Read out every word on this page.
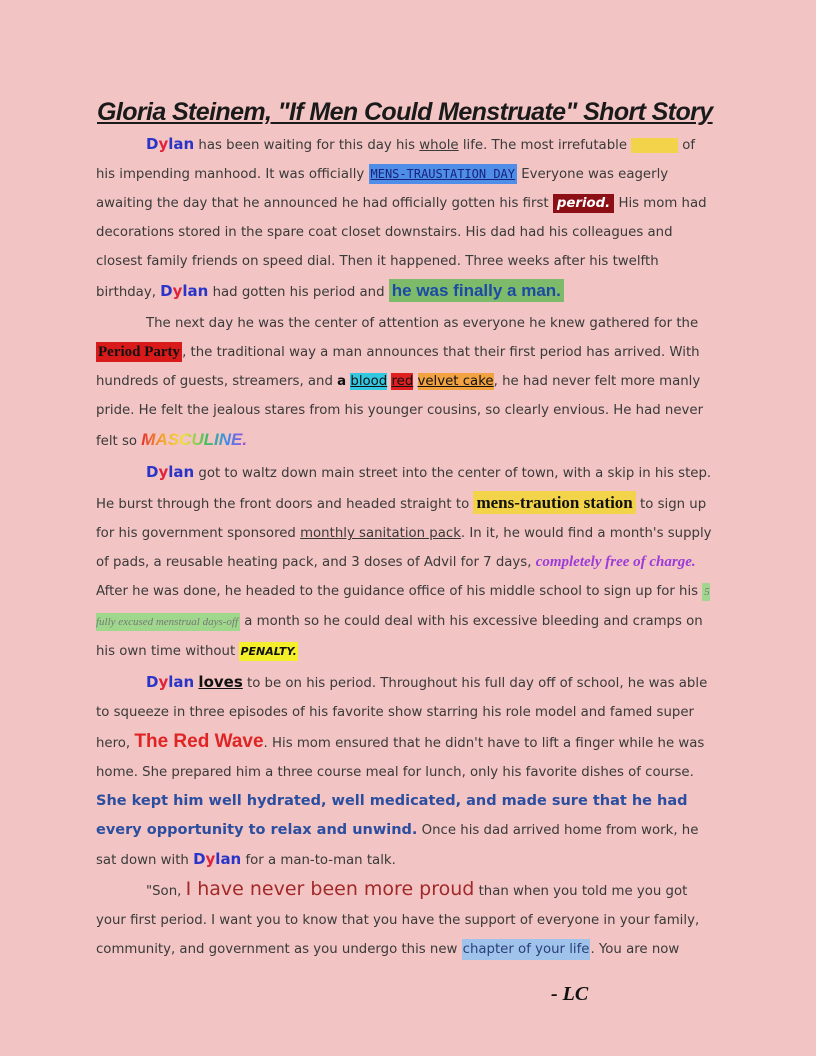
Gloria Steinem, "If Men Could Menstruate" Short Story

Dylan has been waiting for this day his whole life. The most irrefutable season of his impending manhood. It was officially MENS-TRAUSTATION DAY Everyone was eagerly awaiting the day that he announced he had officially gotten his first period. His mom had decorations stored in the spare coat closet downstairs. His dad had his colleagues and closest family friends on speed dial. Then it happened. Three weeks after his twelfth birthday, Dylan had gotten his period and he was finally a man.

The next day he was the center of attention as everyone he knew gathered for the Period Party , the traditional way a man announces that their first period has arrived. With hundreds of guests, streamers, and a blood red velvet cake, he had never felt more manly pride. He felt the jealous stares from his younger cousins, so clearly envious. He had never felt so MASCULINE.

Dylan got to waltz down main street into the center of town, with a skip in his step. He burst through the front doors and headed straight to mens-traution station to sign up for his government sponsored monthly sanitation pack. In it, he would find a month's supply of pads, a reusable heating pack, and 3 doses of Advil for 7 days, completely free of charge. After he was done, he headed to the guidance office of his middle school to sign up for his 5 fully excused menstrual days-off a month so he could deal with his excessive bleeding and cramps on his own time without PENALTY.

Dylan loves to be on his period. Throughout his full day off of school, he was able to squeeze in three episodes of his favorite show starring his role model and famed super hero, The Red Wave. His mom ensured that he didn't have to lift a finger while he was home. She prepared him a three course meal for lunch, only his favorite dishes of course. She kept him well hydrated, well medicated, and made sure that he had every opportunity to relax and unwind. Once his dad arrived home from work, he sat down with Dylan for a man-to-man talk.

"Son, I have never been more proud than when you told me you got your first period. I want you to know that you have the support of everyone in your family, community, and government as you undergo this new chapter of your life. You are now

- LC
